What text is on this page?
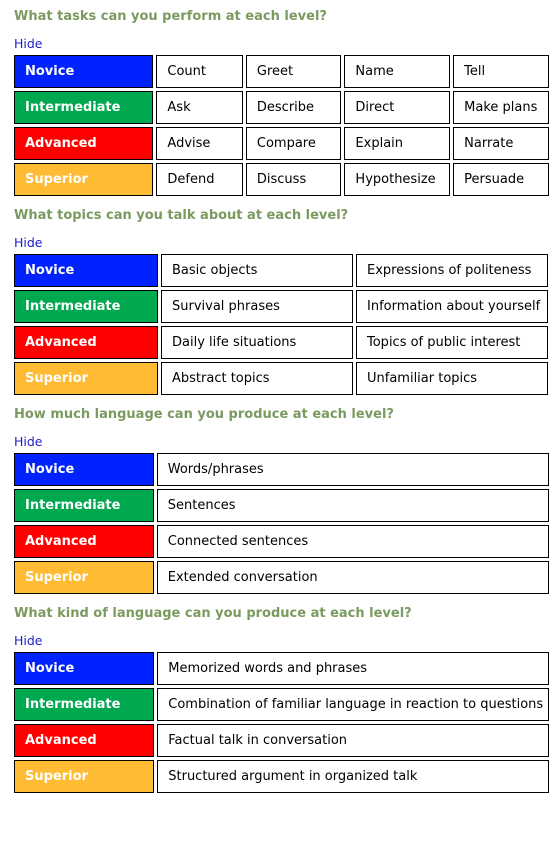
What tasks can you perform at each level?
Hide
Novice	Count	Greet	Name	Tell
Intermediate	Ask	Describe	Direct	Make plans
Advanced	Advise	Compare	Explain	Narrate
Superior	Defend	Discuss	Hypothesize	Persuade
What topics can you talk about at each level?
Hide
Novice	Basic objects	Expressions of politeness
Intermediate	Survival phrases	Information about yourself
Advanced	Daily life situations	Topics of public interest
Superior	Abstract topics	Unfamiliar topics
How much language can you produce at each level?
Hide
Novice	Words/phrases
Intermediate	Sentences
Advanced	Connected sentences
Superior	Extended conversation
What kind of language can you produce at each level?
Hide
Novice	Memorized words and phrases
Intermediate	Combination of familiar language in reaction to questions
Advanced	Factual talk in conversation
Superior	Structured argument in organized talk
